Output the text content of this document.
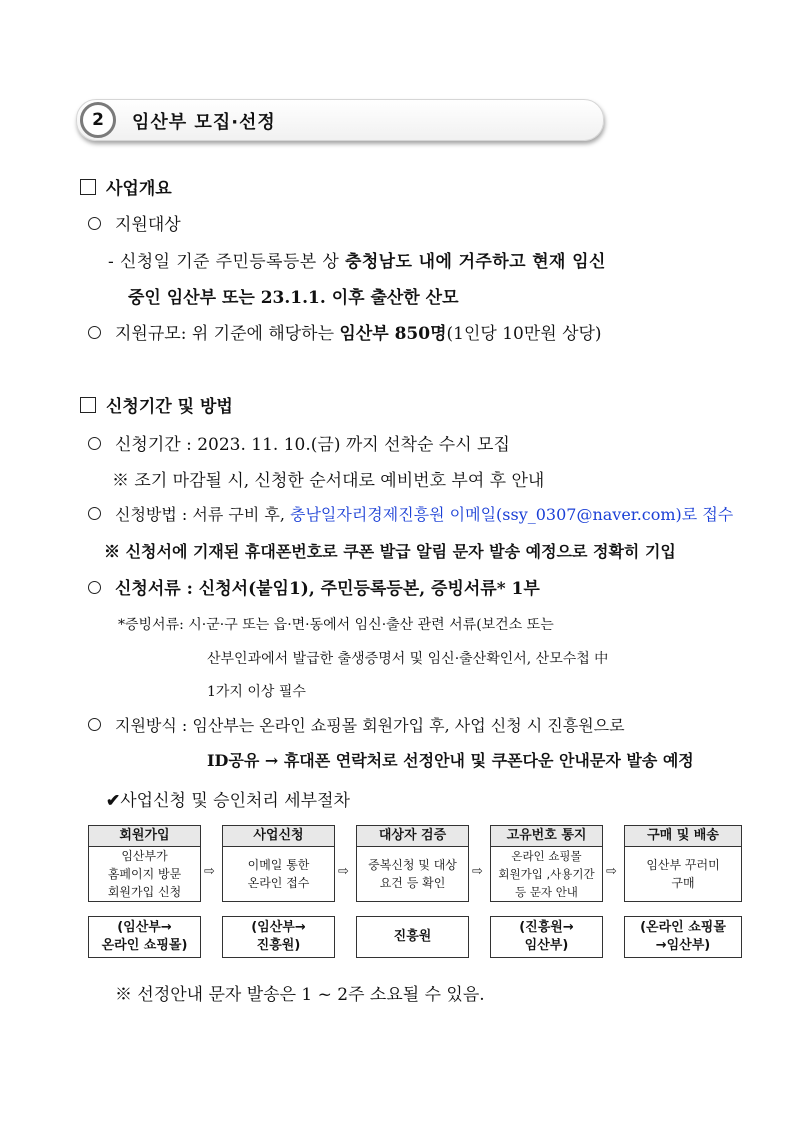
2	임산부 모집·선정
사업개요
지원대상
- 신청일 기준 주민등록등본 상 충청남도 내에 거주하고 현재 임신
중인 임산부 또는 23.1.1. 이후 출산한 산모
지원규모: 위 기준에 해당하는 임산부 850명(1인당 10만원 상당)
신청기간 및 방법
신청기간 : 2023. 11. 10.(금) 까지 선착순 수시 모집
※ 조기 마감될 시, 신청한 순서대로 예비번호 부여 후 안내
신청방법 : 서류 구비 후, 충남일자리경제진흥원 이메일(ssy_0307@naver.com)로 접수
※ 신청서에 기재된 휴대폰번호로 쿠폰 발급 알림 문자 발송 예정으로 정확히 기입
신청서류 : 신청서(붙임1), 주민등록등본, 증빙서류* 1부
*증빙서류: 시·군·구 또는 읍·면·동에서 임신·출산 관련 서류(보건소 또는
산부인과에서 발급한 출생증명서 및 임신·출산확인서, 산모수첩 中
1가지 이상 필수
지원방식 : 임산부는 온라인 쇼핑몰 회원가입 후, 사업 신청 시 진흥원으로
ID공유 → 휴대폰 연락처로 선정안내 및 쿠폰다운 안내문자 발송 예정
✔사업신청 및 승인처리 세부절차
회원가입
임산부가
홈페이지 방문
회원가입 신청
⇨
사업신청
이메일 통한
온라인 접수
⇨
대상자 검증
중복신청 및 대상
요건 등 확인
⇨
고유번호 통지
온라인 쇼핑몰
회원가입 ,사용기간
등 문자 안내
⇨
구매 및 배송
임산부 꾸러미
구매
(임산부→
온라인 쇼핑몰)
(임산부→
진흥원)
진흥원
(진흥원→
임산부)
(온라인 쇼핑몰
→임산부)
※ 선정안내 문자 발송은 1 ~ 2주 소요될 수 있음.
